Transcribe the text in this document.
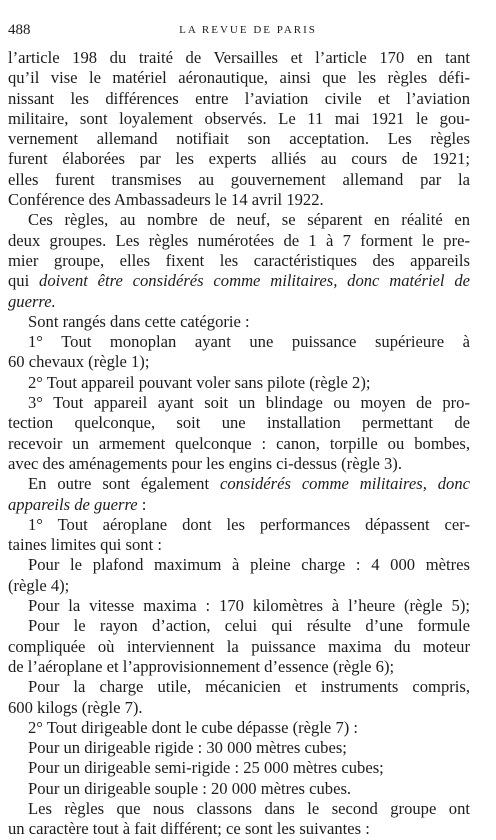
488	LA REVUE DE PARIS
l’article 198 du traité de Versailles et l’article 170 en tant
qu’il vise le matériel aéronautique, ainsi que les règles défi-
nissant les différences entre l’aviation civile et l’aviation
militaire, sont loyalement observés. Le 11 mai 1921 le gou-
vernement allemand notifiait son acceptation. Les règles
furent élaborées par les experts alliés au cours de 1921;
elles furent transmises au gouvernement allemand par la
Conférence des Ambassadeurs le 14 avril 1922.
Ces règles, au nombre de neuf, se séparent en réalité en
deux groupes. Les règles numérotées de 1 à 7 forment le pre-
mier groupe, elles fixent les caractéristiques des appareils
qui doivent être considérés comme militaires, donc matériel de
guerre.
Sont rangés dans cette catégorie :
1° Tout monoplan ayant une puissance supérieure à
60 chevaux (règle 1);
2° Tout appareil pouvant voler sans pilote (règle 2);
3° Tout appareil ayant soit un blindage ou moyen de pro-
tection quelconque, soit une installation permettant de
recevoir un armement quelconque : canon, torpille ou bombes,
avec des aménagements pour les engins ci-dessus (règle 3).
En outre sont également considérés comme militaires, donc
appareils de guerre :
1° Tout aéroplane dont les performances dépassent cer-
taines limites qui sont :
Pour le plafond maximum à pleine charge : 4 000 mètres
(règle 4);
Pour la vitesse maxima : 170 kilomètres à l’heure (règle 5);
Pour le rayon d’action, celui qui résulte d’une formule
compliquée où interviennent la puissance maxima du moteur
de l’aéroplane et l’approvisionnement d’essence (règle 6);
Pour la charge utile, mécanicien et instruments compris,
600 kilogs (règle 7).
2° Tout dirigeable dont le cube dépasse (règle 7) :
Pour un dirigeable rigide : 30 000 mètres cubes;
Pour un dirigeable semi-rigide : 25 000 mètres cubes;
Pour un dirigeable souple : 20 000 mètres cubes.
Les règles que nous classons dans le second groupe ont
un caractère tout à fait différent; ce sont les suivantes :
